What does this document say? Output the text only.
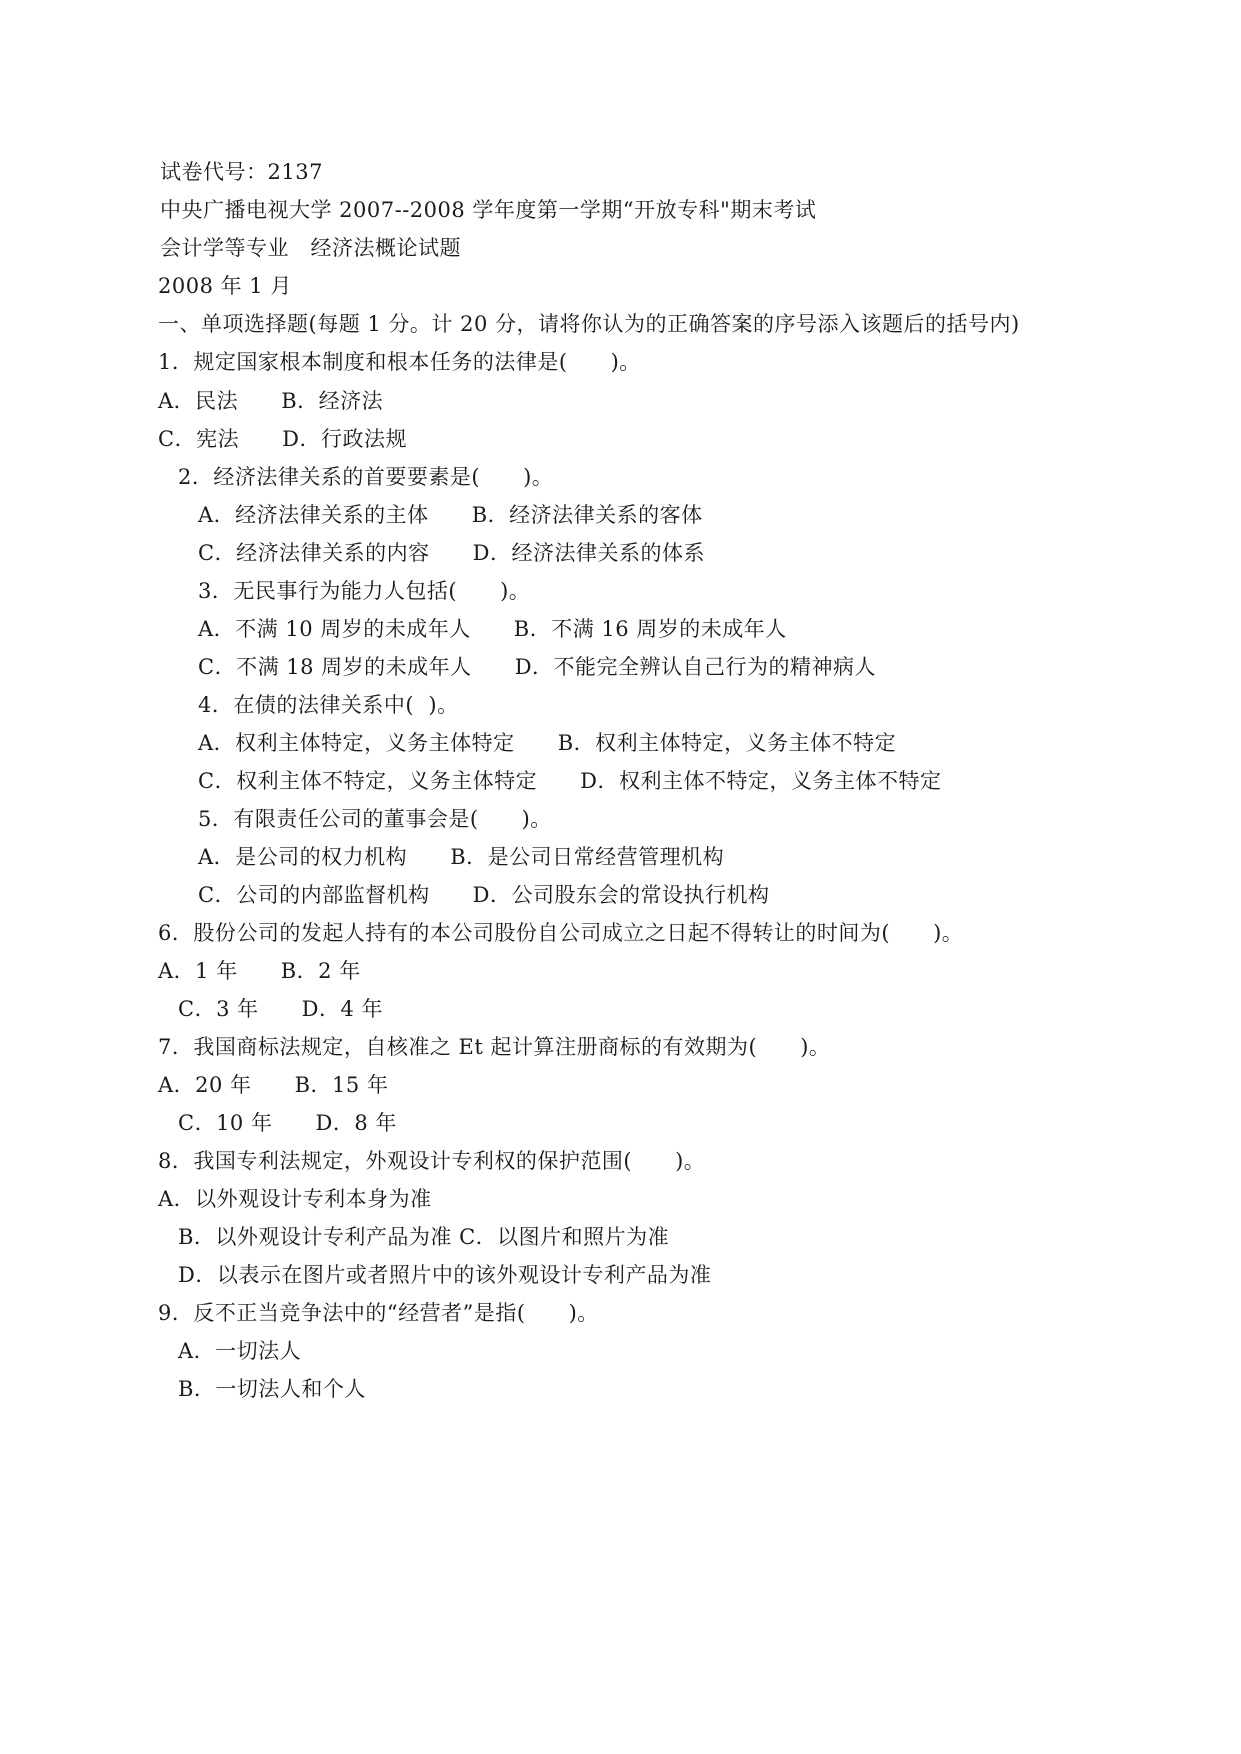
试卷代号：2137
中央广播电视大学 2007--2008 学年度第一学期“开放专科"期末考试
会计学等专业   经济法概论试题
2008 年 1 月
一、单项选择题(每题 1 分。计 20 分，请将你认为的正确答案的序号添入该题后的括号内)
1．规定国家根本制度和根本任务的法律是(      )。
A．民法      B．经济法
C．宪法      D．行政法规
2．经济法律关系的首要要素是(      )。
A．经济法律关系的主体      B．经济法律关系的客体
C．经济法律关系的内容      D．经济法律关系的体系
3．无民事行为能力人包括(      )。
A．不满 10 周岁的未成年人      B．不满 16 周岁的未成年人
C．不满 18 周岁的未成年人      D．不能完全辨认自己行为的精神病人
4．在债的法律关系中(  )。
A．权利主体特定，义务主体特定      B．权利主体特定，义务主体不特定
C．权利主体不特定，义务主体特定      D．权利主体不特定，义务主体不特定
5．有限责任公司的董事会是(      )。
A．是公司的权力机构      B．是公司日常经营管理机构
C．公司的内部监督机构      D．公司股东会的常设执行机构
6．股份公司的发起人持有的本公司股份自公司成立之日起不得转让的时间为(      )。
A．1 年      B．2 年
C．3 年      D．4 年
7．我国商标法规定，自核准之 Et 起计算注册商标的有效期为(      )。
A．20 年      B．15 年
C．10 年      D．8 年
8．我国专利法规定，外观设计专利权的保护范围(      )。
A．以外观设计专利本身为准
B．以外观设计专利产品为准 C．以图片和照片为准
D．以表示在图片或者照片中的该外观设计专利产品为准
9．反不正当竞争法中的“经营者”是指(      )。
A．一切法人
B．一切法人和个人
